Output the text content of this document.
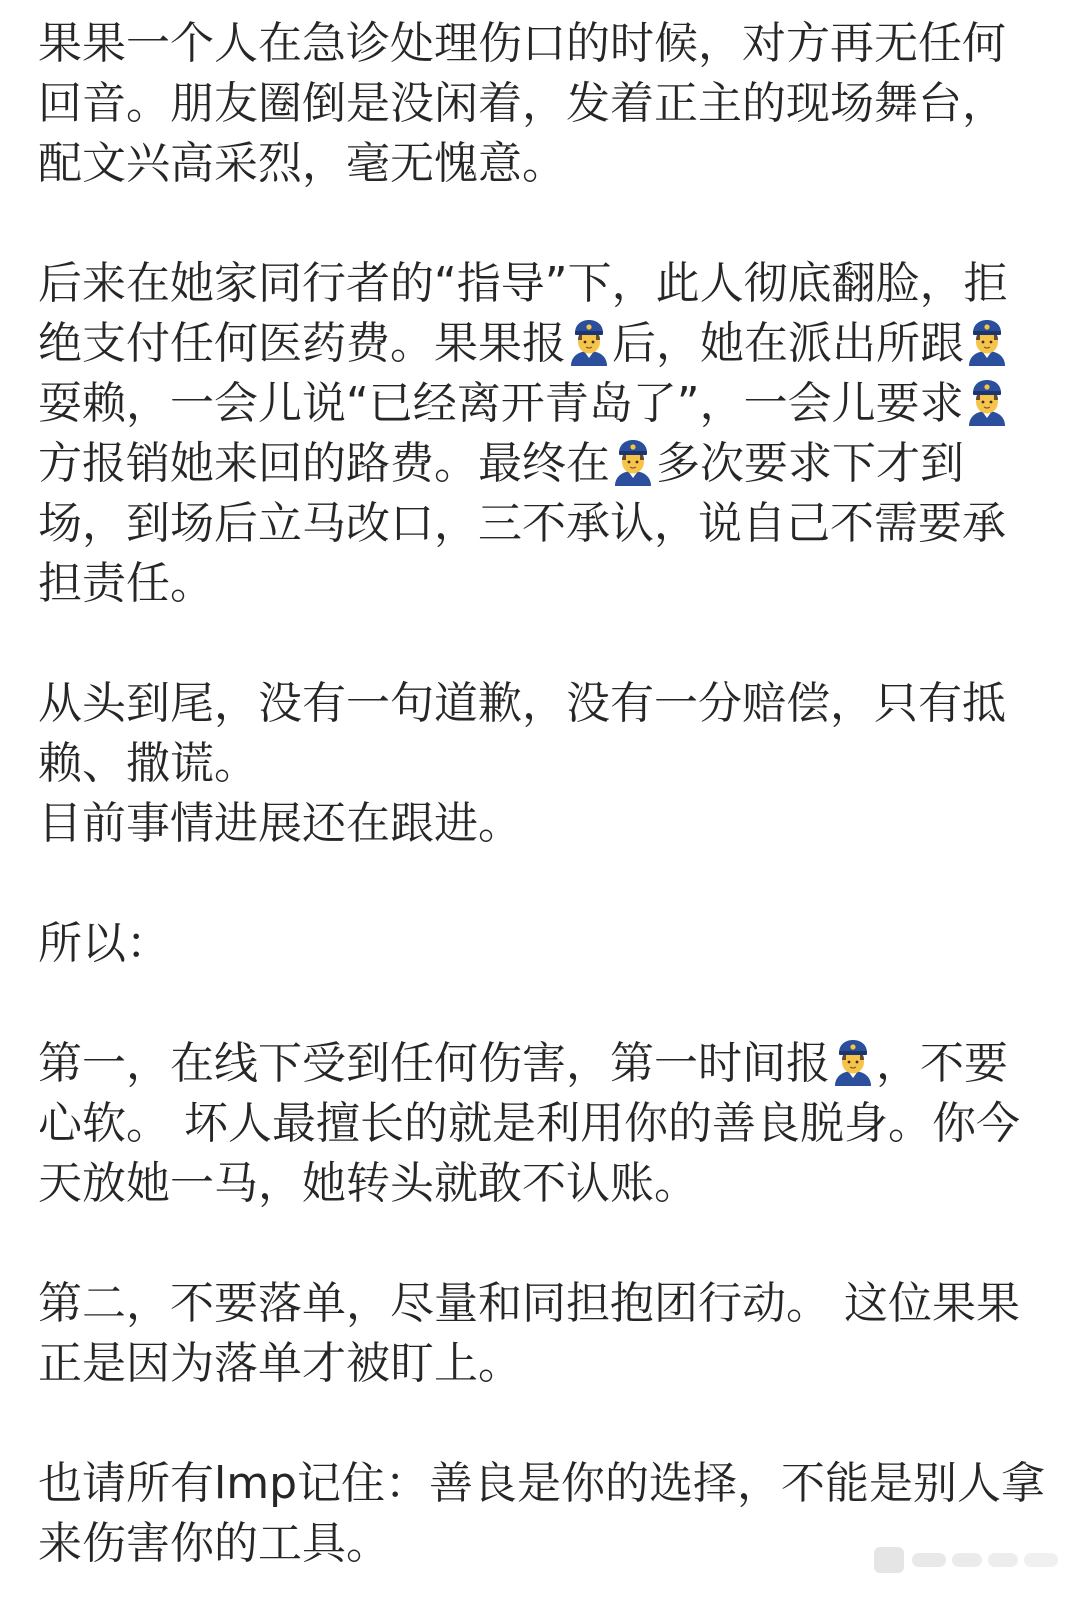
果果一个人在急诊处理伤口的时候，对方再无任何回音。朋友圈倒是没闲着，发着正主的现场舞台，配文兴高采烈，毫无愧意。

后来在她家同行者的“指导”下，此人彻底翻脸，拒绝支付任何医药费。果果报 后，她在派出所跟耍赖，一会儿说“已经离开青岛了”，一会儿要求方报销她来回的路费。最终在 多次要求下才到场，到场后立马改口，三不承认，说自己不需要承担责任。

从头到尾，没有一句道歉，没有一分赔偿，只有抵赖、撒谎。
目前事情进展还在跟进。

所以：

第一，在线下受到任何伤害，第一时间报 ，不要心软。 坏人最擅长的就是利用你的善良脱身。你今天放她一马，她转头就敢不认账。

第二，不要落单，尽量和同担抱团行动。 这位果果正是因为落单才被盯上。

也请所有lmp记住：善良是你的选择，不能是别人拿来伤害你的工具。
